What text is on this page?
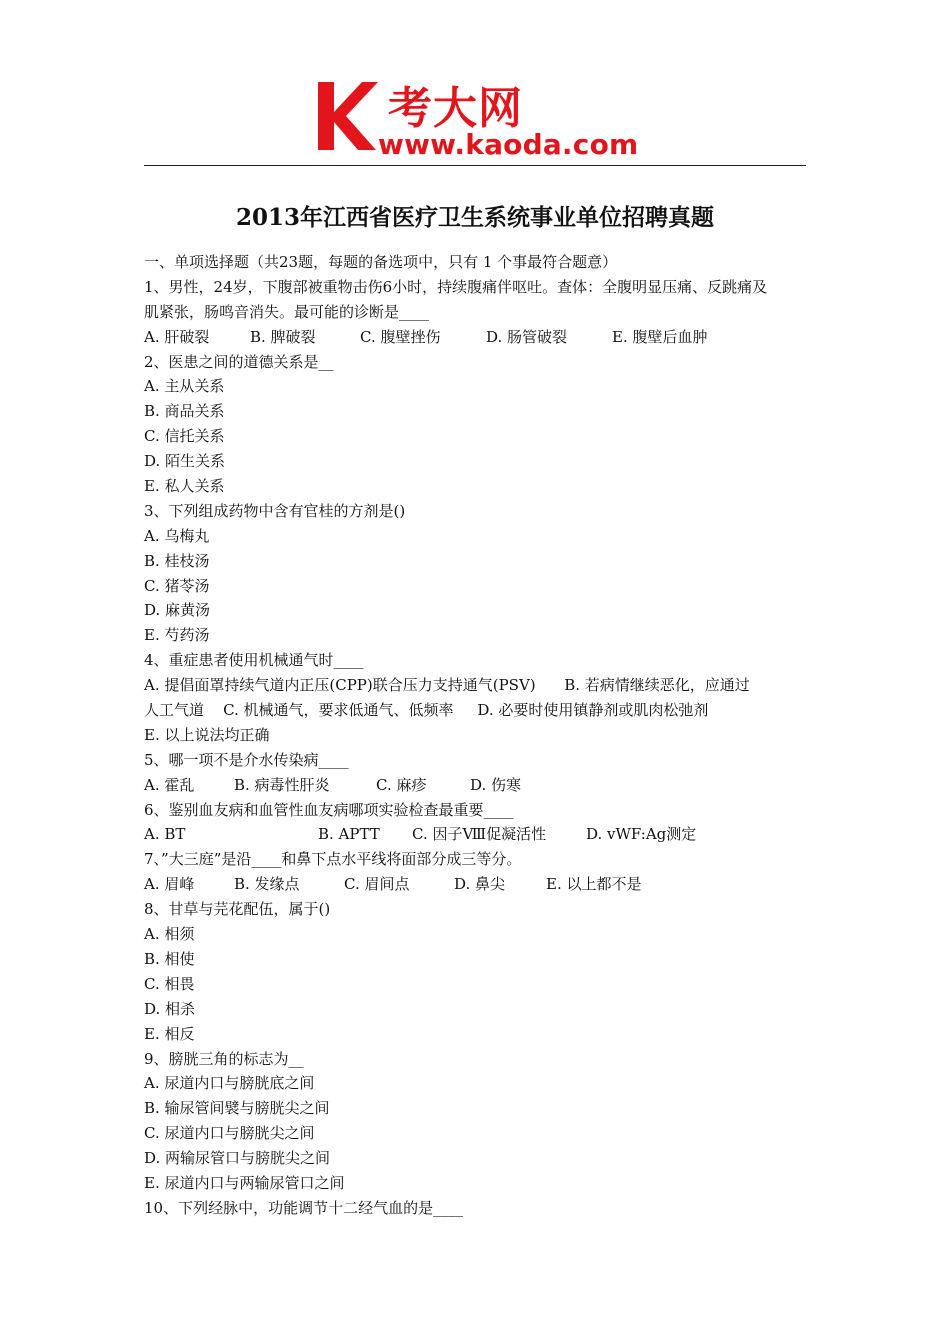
考大网
www.kaoda.com
2013年江西省医疗卫生系统事业单位招聘真题
一、单项选择题（共23题，每题的备选项中，只有 1 个事最符合题意）
1、男性，24岁，下腹部被重物击伤6小时，持续腹痛伴呕吐。查体：全腹明显压痛、反跳痛及
肌紧张，肠鸣音消失。最可能的诊断是____
A. 肝破裂	B. 脾破裂	C. 腹壁挫伤	D. 肠管破裂	E. 腹壁后血肿
2、医患之间的道德关系是__
A. 主从关系
B. 商品关系
C. 信托关系
D. 陌生关系
E. 私人关系
3、下列组成药物中含有官桂的方剂是()
A. 乌梅丸
B. 桂枝汤
C. 猪苓汤
D. 麻黄汤
E. 芍药汤
4、重症患者使用机械通气时____
A. 提倡面罩持续气道内正压(CPP)联合压力支持通气(PSV)      B. 若病情继续恶化，应通过
人工气道    C. 机械通气，要求低通气、低频率     D. 必要时使用镇静剂或肌肉松弛剂
E. 以上说法均正确
5、哪一项不是介水传染病____
A. 霍乱	B. 病毒性肝炎	C. 麻疹	D. 伤寒
6、鉴别血友病和血管性血友病哪项实验检查最重要____
A. BT	B. APTT C. 因子Ⅷ促凝活性	D. vWF:Ag测定
7、”大三庭”是沿____和鼻下点水平线将面部分成三等分。
A. 眉峰	B. 发缘点	C. 眉间点	D. 鼻尖	E. 以上都不是
8、甘草与芫花配伍，属于()
A. 相须
B. 相使
C. 相畏
D. 相杀
E. 相反
9、膀胱三角的标志为__
A. 尿道内口与膀胱底之间
B. 输尿管间襞与膀胱尖之间
C. 尿道内口与膀胱尖之间
D. 两输尿管口与膀胱尖之间
E. 尿道内口与两输尿管口之间
10、下列经脉中，功能调节十二经气血的是____
